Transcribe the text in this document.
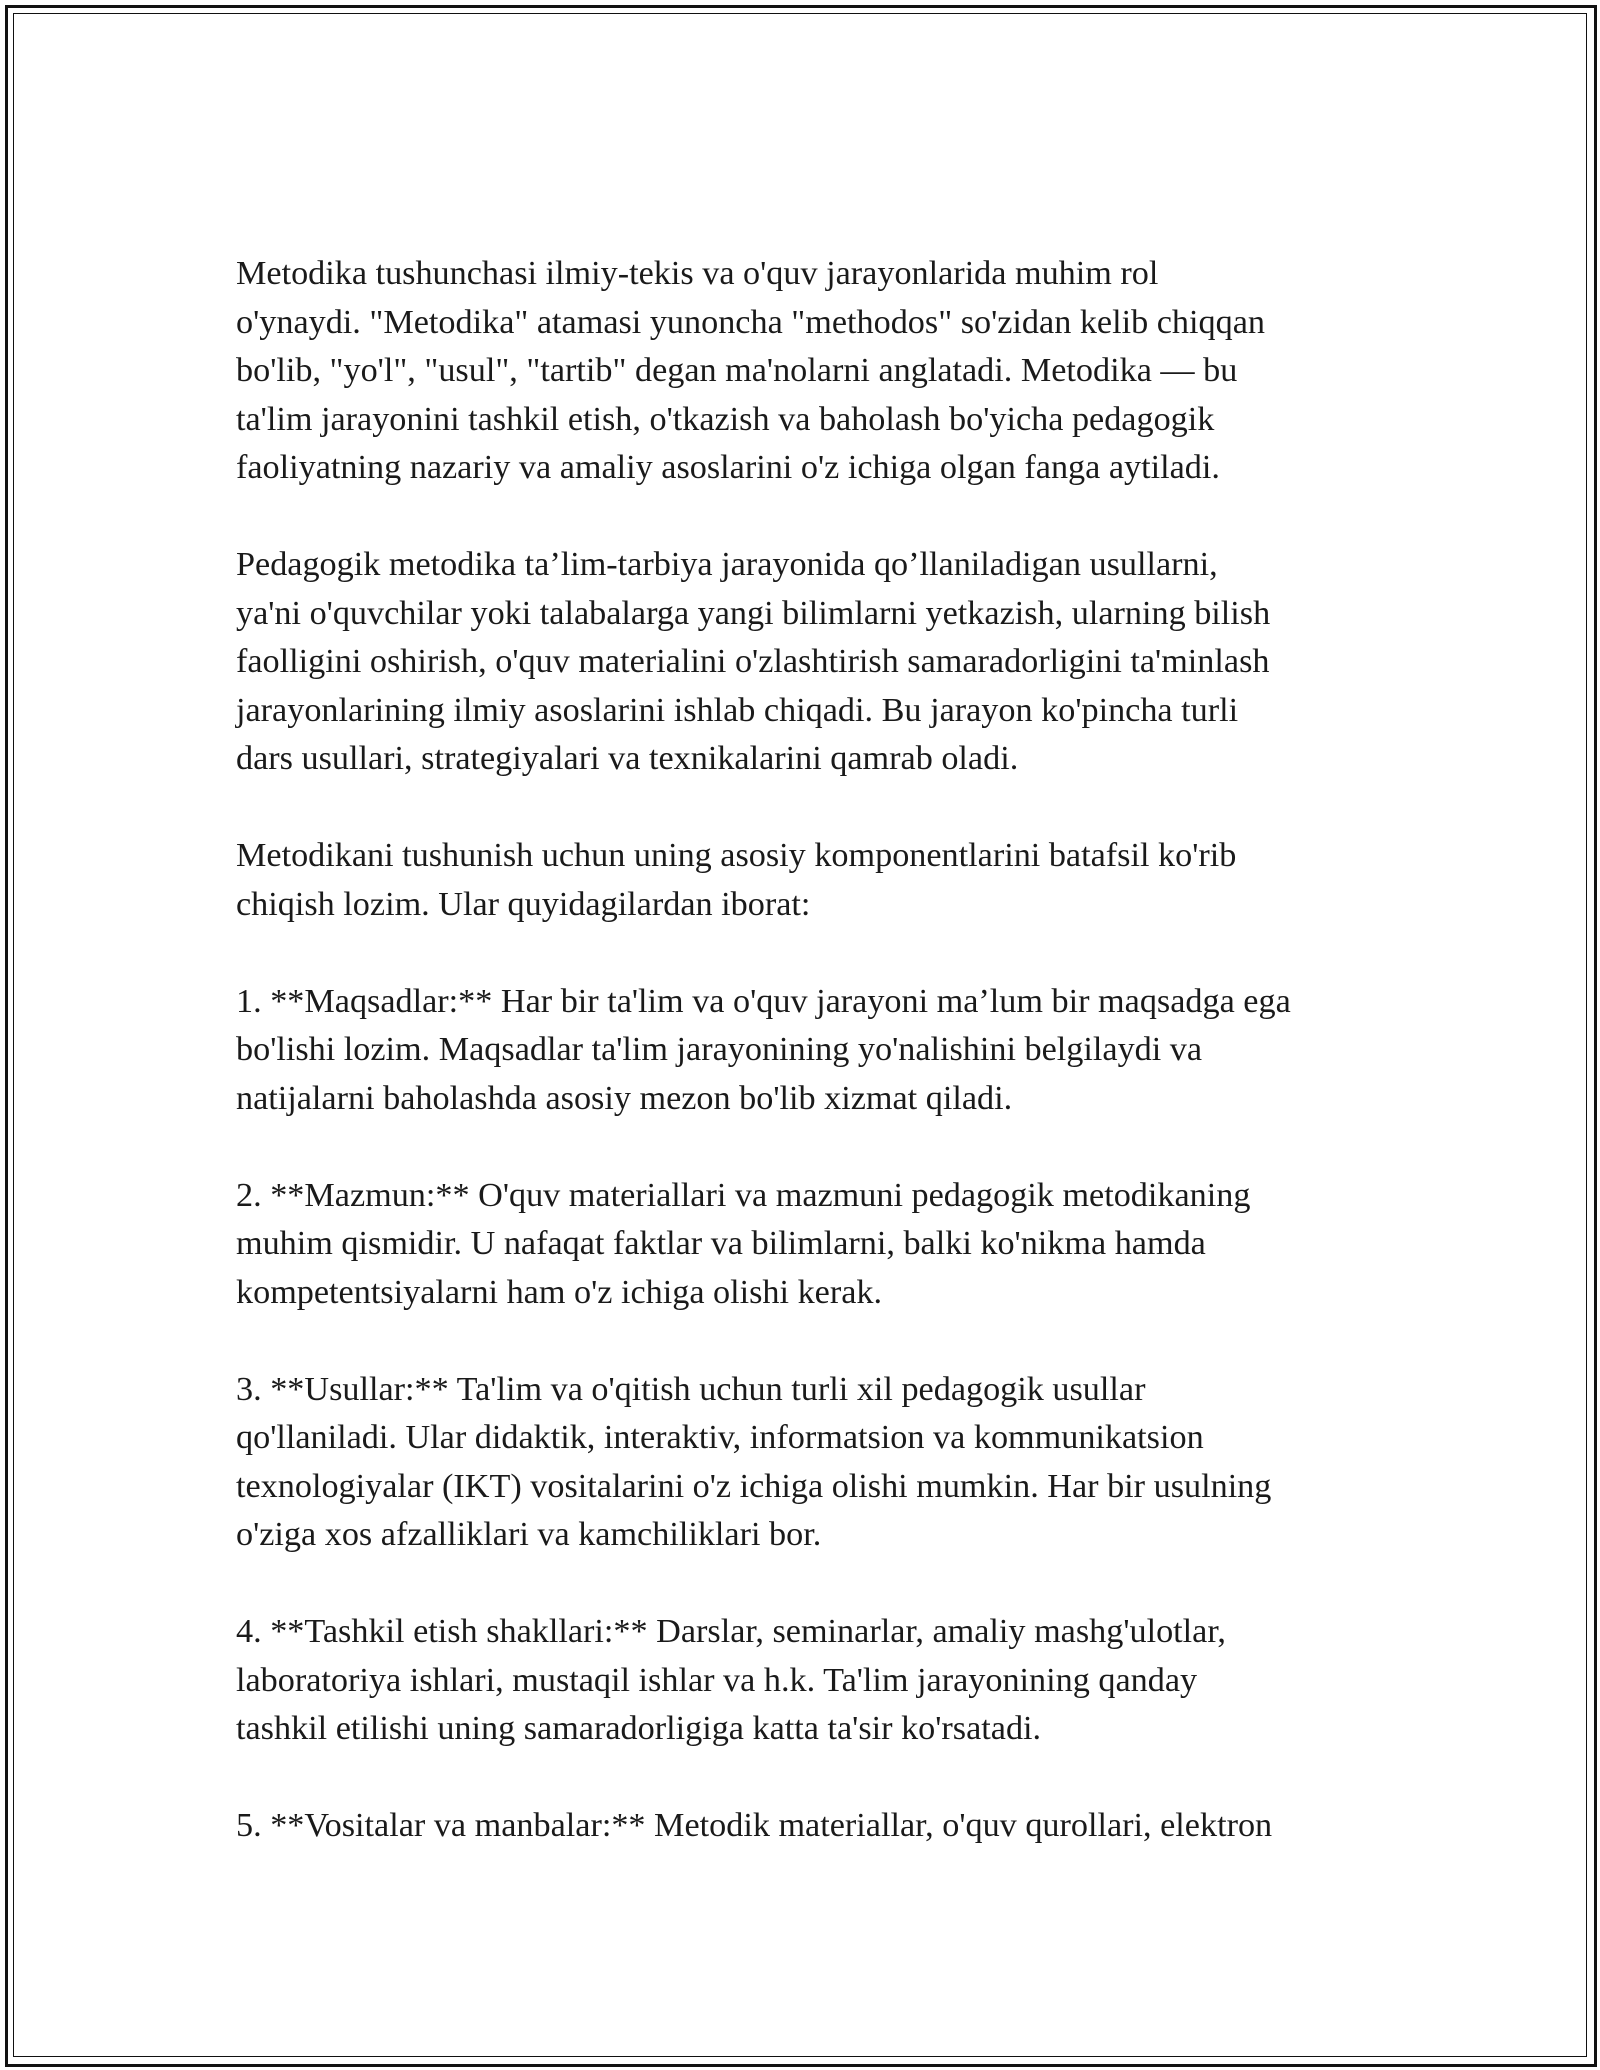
Metodika tushunchasi ilmiy-tekis va o'quv jarayonlarida muhim rol
o'ynaydi. "Metodika" atamasi yunoncha "methodos" so'zidan kelib chiqqan
bo'lib, "yo'l", "usul", "tartib" degan ma'nolarni anglatadi. Metodika — bu
ta'lim jarayonini tashkil etish, o'tkazish va baholash bo'yicha pedagogik
faoliyatning nazariy va amaliy asoslarini o'z ichiga olgan fanga aytiladi.

Pedagogik metodika ta’lim-tarbiya jarayonida qo’llaniladigan usullarni,
ya'ni o'quvchilar yoki talabalarga yangi bilimlarni yetkazish, ularning bilish
faolligini oshirish, o'quv materialini o'zlashtirish samaradorligini ta'minlash
jarayonlarining ilmiy asoslarini ishlab chiqadi. Bu jarayon ko'pincha turli
dars usullari, strategiyalari va texnikalarini qamrab oladi.

Metodikani tushunish uchun uning asosiy komponentlarini batafsil ko'rib
chiqish lozim. Ular quyidagilardan iborat:

1. **Maqsadlar:** Har bir ta'lim va o'quv jarayoni ma’lum bir maqsadga ega
bo'lishi lozim. Maqsadlar ta'lim jarayonining yo'nalishini belgilaydi va
natijalarni baholashda asosiy mezon bo'lib xizmat qiladi.

2. **Mazmun:** O'quv materiallari va mazmuni pedagogik metodikaning
muhim qismidir. U nafaqat faktlar va bilimlarni, balki ko'nikma hamda
kompetentsiyalarni ham o'z ichiga olishi kerak.

3. **Usullar:** Ta'lim va o'qitish uchun turli xil pedagogik usullar
qo'llaniladi. Ular didaktik, interaktiv, informatsion va kommunikatsion
texnologiyalar (IKT) vositalarini o'z ichiga olishi mumkin. Har bir usulning
o'ziga xos afzalliklari va kamchiliklari bor.

4. **Tashkil etish shakllari:** Darslar, seminarlar, amaliy mashg'ulotlar,
laboratoriya ishlari, mustaqil ishlar va h.k. Ta'lim jarayonining qanday
tashkil etilishi uning samaradorligiga katta ta'sir ko'rsatadi.

5. **Vositalar va manbalar:** Metodik materiallar, o'quv qurollari, elektron
